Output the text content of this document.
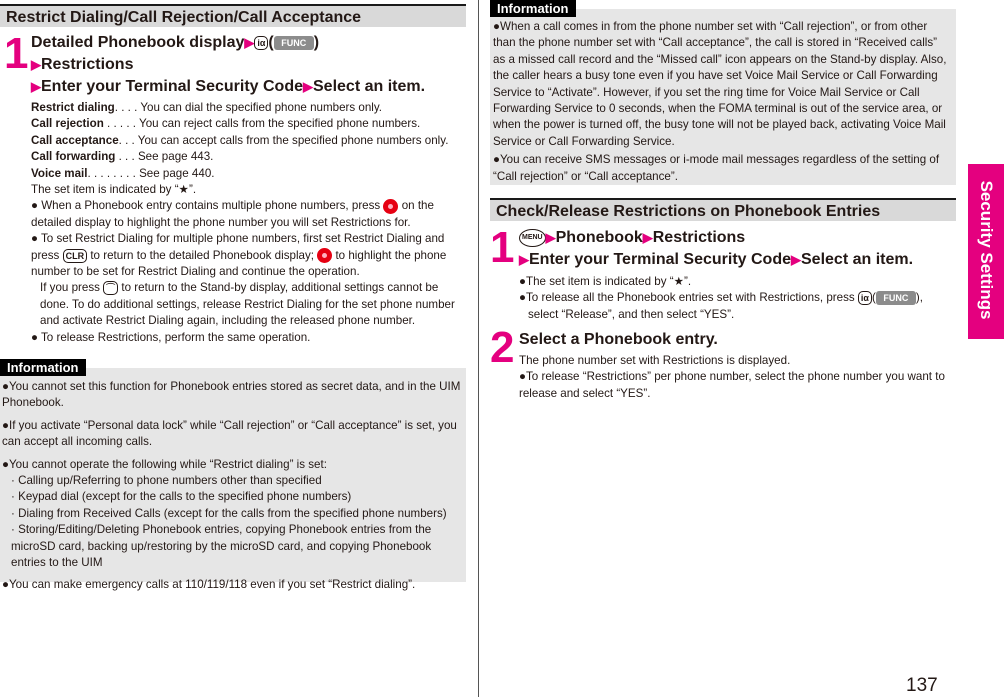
Restrict Dialing/Call Rejection/Call Acceptance
1 Detailed Phonebook display▶ iα ( FUNC )
▶Restrictions
▶Enter your Terminal Security Code▶Select an item.

Restrict dialing. . . . You can dial the specified phone numbers only.

Call rejection . . . . . You can reject calls from the specified phone numbers.

Call acceptance. . . You can accept calls from the specified phone numbers only.

Call forwarding . . . See page 443.

Voice mail. . . . . . . . See page 440.

The set item is indicated by “★”.

● When a Phonebook entry contains multiple phone numbers, press on the detailed display to highlight the phone number you will set Restrictions for.

● To set Restrict Dialing for multiple phone numbers, first set Restrict Dialing and press CLR to return to the detailed Phonebook display; to highlight the phone number to be set for Restrict Dialing and continue the operation.

If you press ⌒ to return to the Stand-by display, additional settings cannot be done. To do additional settings, release Restrict Dialing for the set phone number and activate Restrict Dialing again, including the released phone number.

● To release Restrictions, perform the same operation.

Information

●You cannot set this function for Phonebook entries stored as secret data, and in the UIM Phonebook.

●If you activate “Personal data lock” while “Call rejection” or “Call acceptance” is set, you can accept all incoming calls.

●You cannot operate the following while “Restrict dialing” is set:

· Calling up/Referring to phone numbers other than specified

· Keypad dial (except for the calls to the specified phone numbers)

· Dialing from Received Calls (except for the calls from the specified phone numbers)

· Storing/Editing/Deleting Phonebook entries, copying Phonebook entries from the microSD card, backing up/restoring by the microSD card, and copying Phonebook entries to the UIM

●You can make emergency calls at 110/119/118 even if you set “Restrict dialing”.

Information

●When a call comes in from the phone number set with “Call rejection”, or from other than the phone number set with “Call acceptance”, the call is stored in “Received calls” as a missed call record and the “Missed call” icon appears on the Stand-by display. Also, the caller hears a busy tone even if you have set Voice Mail Service or Call Forwarding Service to “Activate”. However, if you set the ring time for Voice Mail Service or Call Forwarding Service to 0 seconds, when the FOMA terminal is out of the service area, or when the power is turned off, the busy tone will not be played back, activating Voice Mail Service or Call Forwarding Service.

●You can receive SMS messages or i-mode mail messages regardless of the setting of “Call rejection” or “Call acceptance”.

Check/Release Restrictions on Phonebook Entries
1	MENU ▶Phonebook▶Restrictions
▶Enter your Terminal Security Code▶Select an item.

●The set item is indicated by “★”.

●To release all the Phonebook entries set with Restrictions, press iα ( FUNC ),

select “Release”, and then select “YES”.

2 Select a Phonebook entry.

The phone number set with Restrictions is displayed.

●To release “Restrictions” per phone number, select the phone number you want to release and select “YES”.

Security Settings
137
